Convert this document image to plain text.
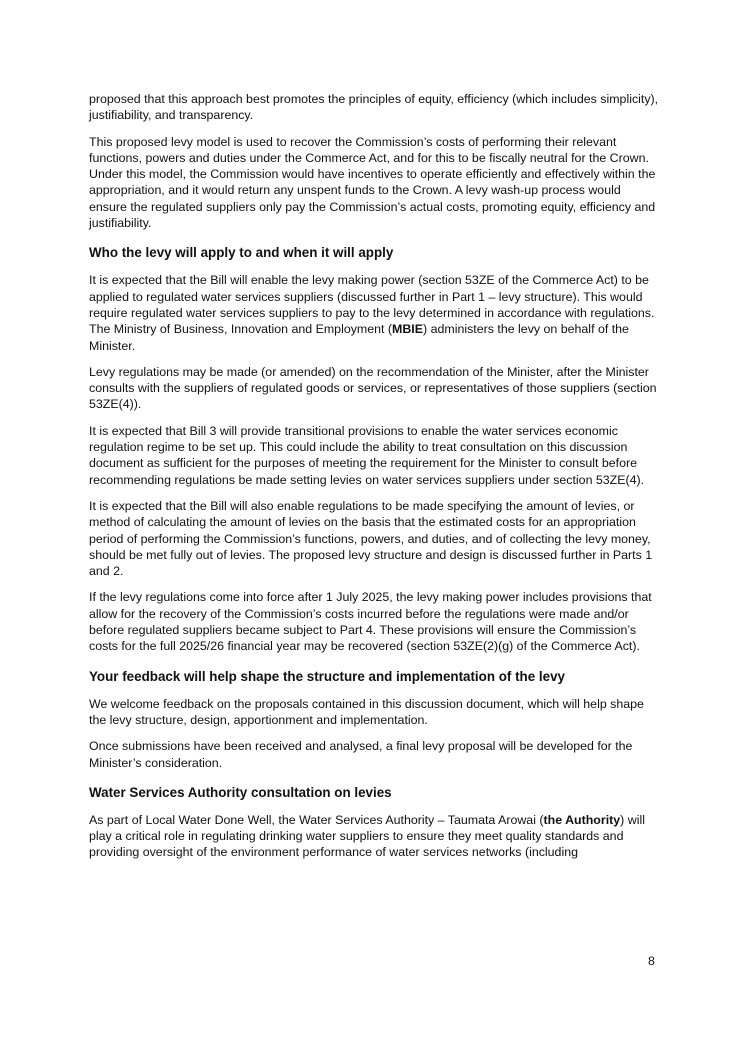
proposed that this approach best promotes the principles of equity, efficiency (which includes simplicity), justifiability, and transparency.

This proposed levy model is used to recover the Commission’s costs of performing their relevant functions, powers and duties under the Commerce Act, and for this to be fiscally neutral for the Crown. Under this model, the Commission would have incentives to operate efficiently and effectively within the appropriation, and it would return any unspent funds to the Crown. A levy wash-up process would ensure the regulated suppliers only pay the Commission’s actual costs, promoting equity, efficiency and justifiability.

Who the levy will apply to and when it will apply

It is expected that the Bill will enable the levy making power (section 53ZE of the Commerce Act) to be applied to regulated water services suppliers (discussed further in Part 1 – levy structure). This would require regulated water services suppliers to pay to the levy determined in accordance with regulations. The Ministry of Business, Innovation and Employment (MBIE) administers the levy on behalf of the Minister.

Levy regulations may be made (or amended) on the recommendation of the Minister, after the Minister consults with the suppliers of regulated goods or services, or representatives of those suppliers (section 53ZE(4)).

It is expected that Bill 3 will provide transitional provisions to enable the water services economic regulation regime to be set up. This could include the ability to treat consultation on this discussion document as sufficient for the purposes of meeting the requirement for the Minister to consult before recommending regulations be made setting levies on water services suppliers under section 53ZE(4).

It is expected that the Bill will also enable regulations to be made specifying the amount of levies, or method of calculating the amount of levies on the basis that the estimated costs for an appropriation period of performing the Commission’s functions, powers, and duties, and of collecting the levy money, should be met fully out of levies. The proposed levy structure and design is discussed further in Parts 1 and 2.

If the levy regulations come into force after 1 July 2025, the levy making power includes provisions that allow for the recovery of the Commission’s costs incurred before the regulations were made and/or before regulated suppliers became subject to Part 4. These provisions will ensure the Commission’s costs for the full 2025/26 financial year may be recovered (section 53ZE(2)(g) of the Commerce Act).

Your feedback will help shape the structure and implementation of the levy

We welcome feedback on the proposals contained in this discussion document, which will help shape the levy structure, design, apportionment and implementation.

Once submissions have been received and analysed, a final levy proposal will be developed for the Minister’s consideration.

Water Services Authority consultation on levies

As part of Local Water Done Well, the Water Services Authority – Taumata Arowai (the Authority) will play a critical role in regulating drinking water suppliers to ensure they meet quality standards and providing oversight of the environment performance of water services networks (including

8
